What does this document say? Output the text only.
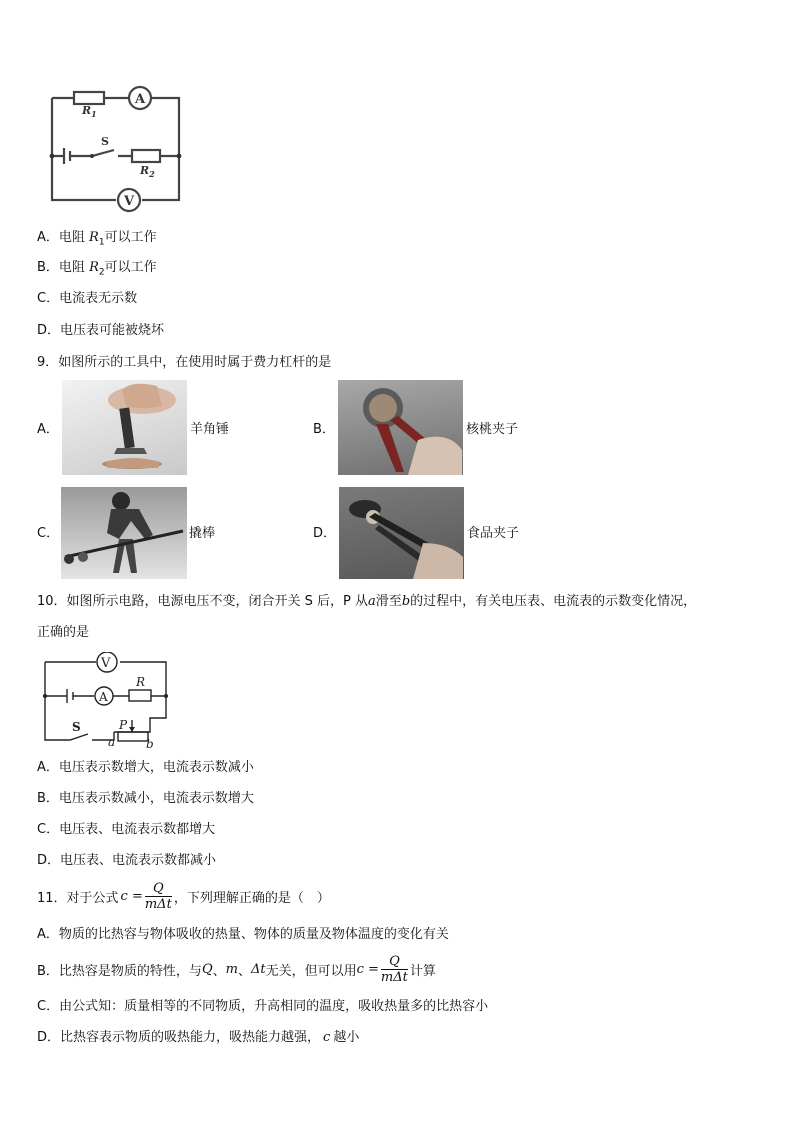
A
V
S
$R_1$
$R_2$
A．电阻 $R_1$可以工作
B．电阻 $R_2$可以工作
C．电流表无示数
D．电压表可能被烧坏
9．如图所示的工具中，在使用时属于费力杠杆的是
A．	羊角锤	B．	核桃夹子
C．	撬棒	D．	食品夹子
10．如图所示电路，电源电压不变，闭合开关 S 后，P 从a滑至b的过程中，有关电压表、电流表的示数变化情况，
正确的是
V
A
R
S	P
a	b
A．电压表示数增大，电流表示数减小
B．电压表示数减小，电流表示数增大
C．电压表、电流表示数都增大
D．电压表、电流表示数都减小
11．对于公式 $c = \frac{Q}{\text{mΔt}}$ ，下列理解正确的是（　）
A．物质的比热容与物体吸收的热量、物体的质量及物体温度的变化有关
B． 比热容是物质的特性，与 Q 、 m 、 Δt 无关，但可以用 $c = \frac{Q}{\text{mΔt}}$ 计算
C．由公式知：质量相等的不同物质，升高相同的温度，吸收热量多的比热容小
D．比热容表示物质的吸热能力，吸热能力越强， c 越小
